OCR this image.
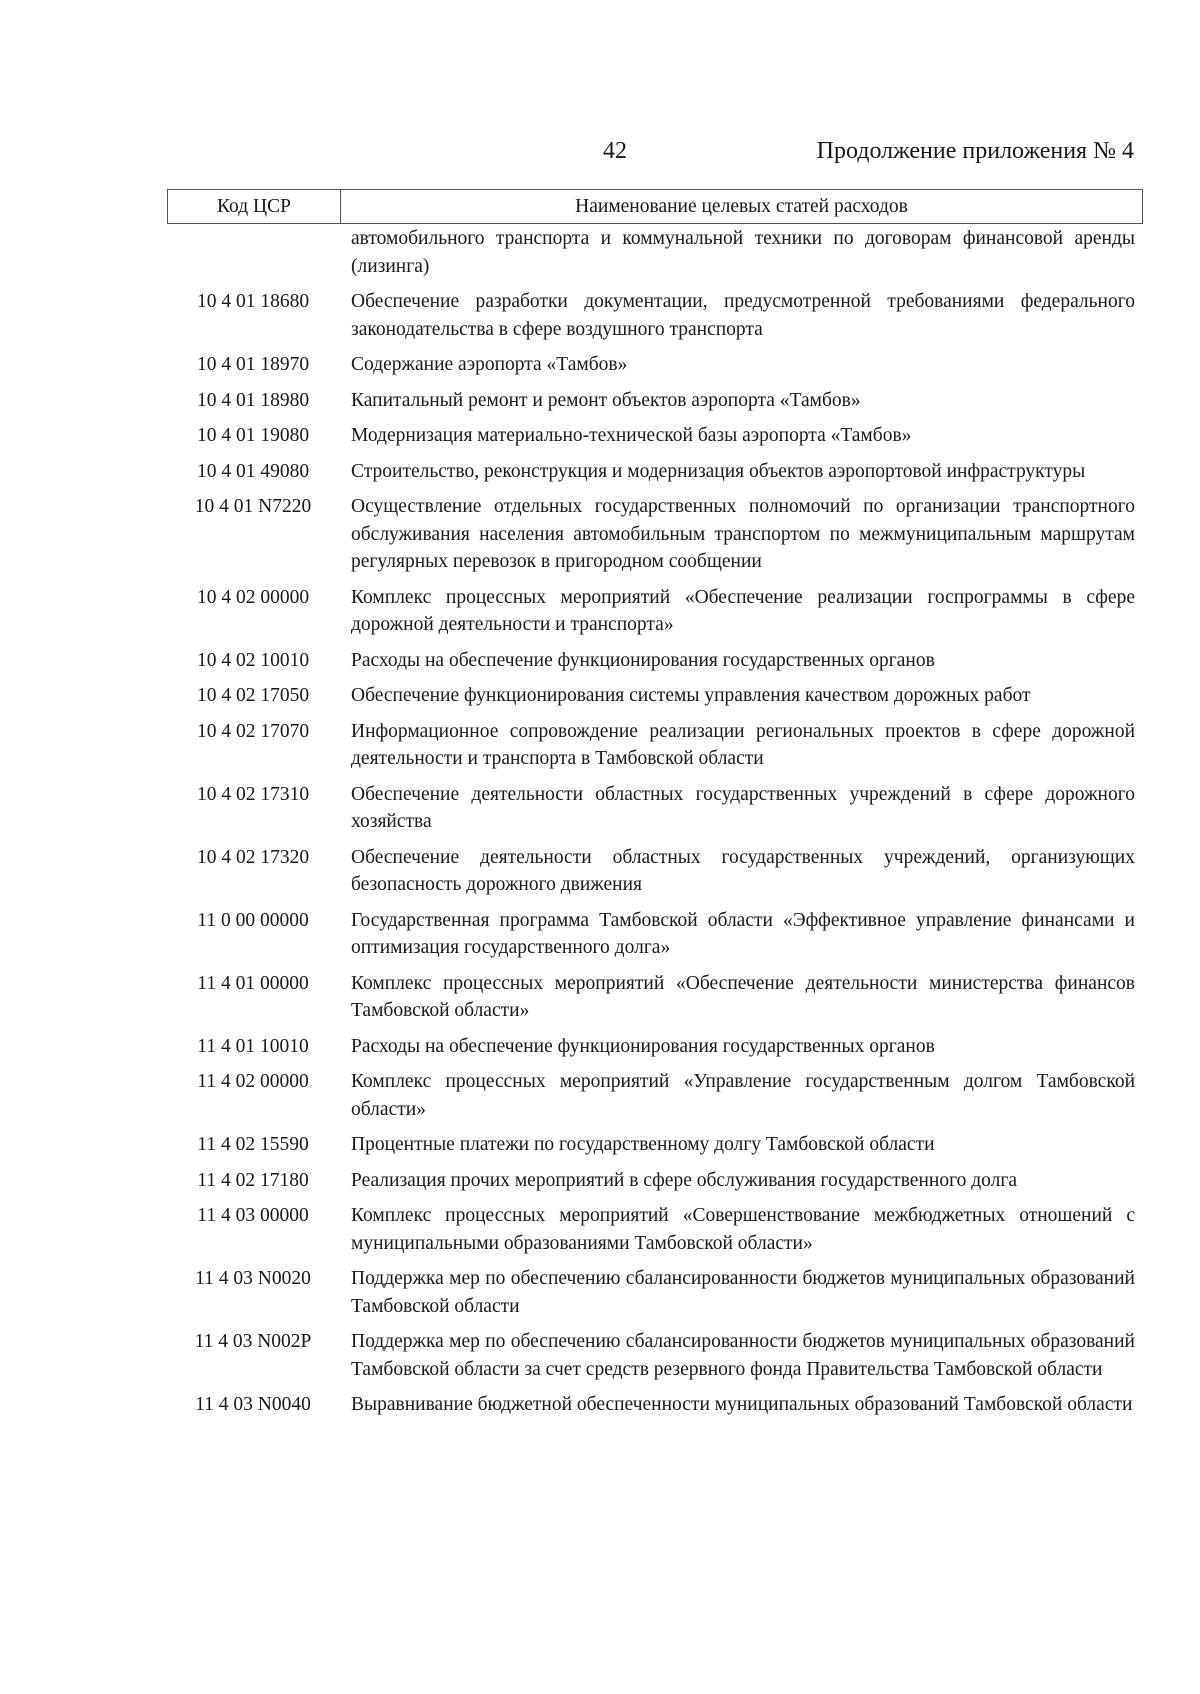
42	Продолжение приложения № 4
Код ЦСР	Наименование целевых статей расходов
автомобильного транспорта и коммунальной техники по договорам финансовой аренды (лизинга)
10 4 01 18680	Обеспечение разработки документации, предусмотренной требованиями федерального законодательства в сфере воздушного транспорта
10 4 01 18970	Содержание аэропорта «Тамбов»
10 4 01 18980	Капитальный ремонт и ремонт объектов аэропорта «Тамбов»
10 4 01 19080	Модернизация материально-технической базы аэропорта «Тамбов»
10 4 01 49080	Строительство, реконструкция и модернизация объектов аэропортовой инфраструктуры
10 4 01 N7220	Осуществление отдельных государственных полномочий по организации транспортного обслуживания населения автомобильным транспортом по межмуниципальным маршрутам регулярных перевозок в пригородном сообщении
10 4 02 00000	Комплекс процессных мероприятий «Обеспечение реализации госпрограммы в сфере дорожной деятельности и транспорта»
10 4 02 10010	Расходы на обеспечение функционирования государственных органов
10 4 02 17050	Обеспечение функционирования системы управления качеством дорожных работ
10 4 02 17070	Информационное сопровождение реализации региональных проектов в сфере дорожной деятельности и транспорта в Тамбовской области
10 4 02 17310	Обеспечение деятельности областных государственных учреждений в сфере дорожного хозяйства
10 4 02 17320	Обеспечение деятельности областных государственных учреждений, организующих безопасность дорожного движения
11 0 00 00000	Государственная программа Тамбовской области «Эффективное управление финансами и оптимизация государственного долга»
11 4 01 00000	Комплекс процессных мероприятий «Обеспечение деятельности министерства финансов Тамбовской области»
11 4 01 10010	Расходы на обеспечение функционирования государственных органов
11 4 02 00000	Комплекс процессных мероприятий «Управление государственным долгом Тамбовской области»
11 4 02 15590	Процентные платежи по государственному долгу Тамбовской области
11 4 02 17180	Реализация прочих мероприятий в сфере обслуживания государственного долга
11 4 03 00000	Комплекс процессных мероприятий «Совершенствование межбюджетных отношений с муниципальными образованиями Тамбовской области»
11 4 03 N0020	Поддержка мер по обеспечению сбалансированности бюджетов муниципальных образований Тамбовской области
11 4 03 N002P	Поддержка мер по обеспечению сбалансированности бюджетов муниципальных образований Тамбовской области за счет средств резервного фонда Правительства Тамбовской области
11 4 03 N0040	Выравнивание бюджетной обеспеченности муниципальных образований Тамбовской области
